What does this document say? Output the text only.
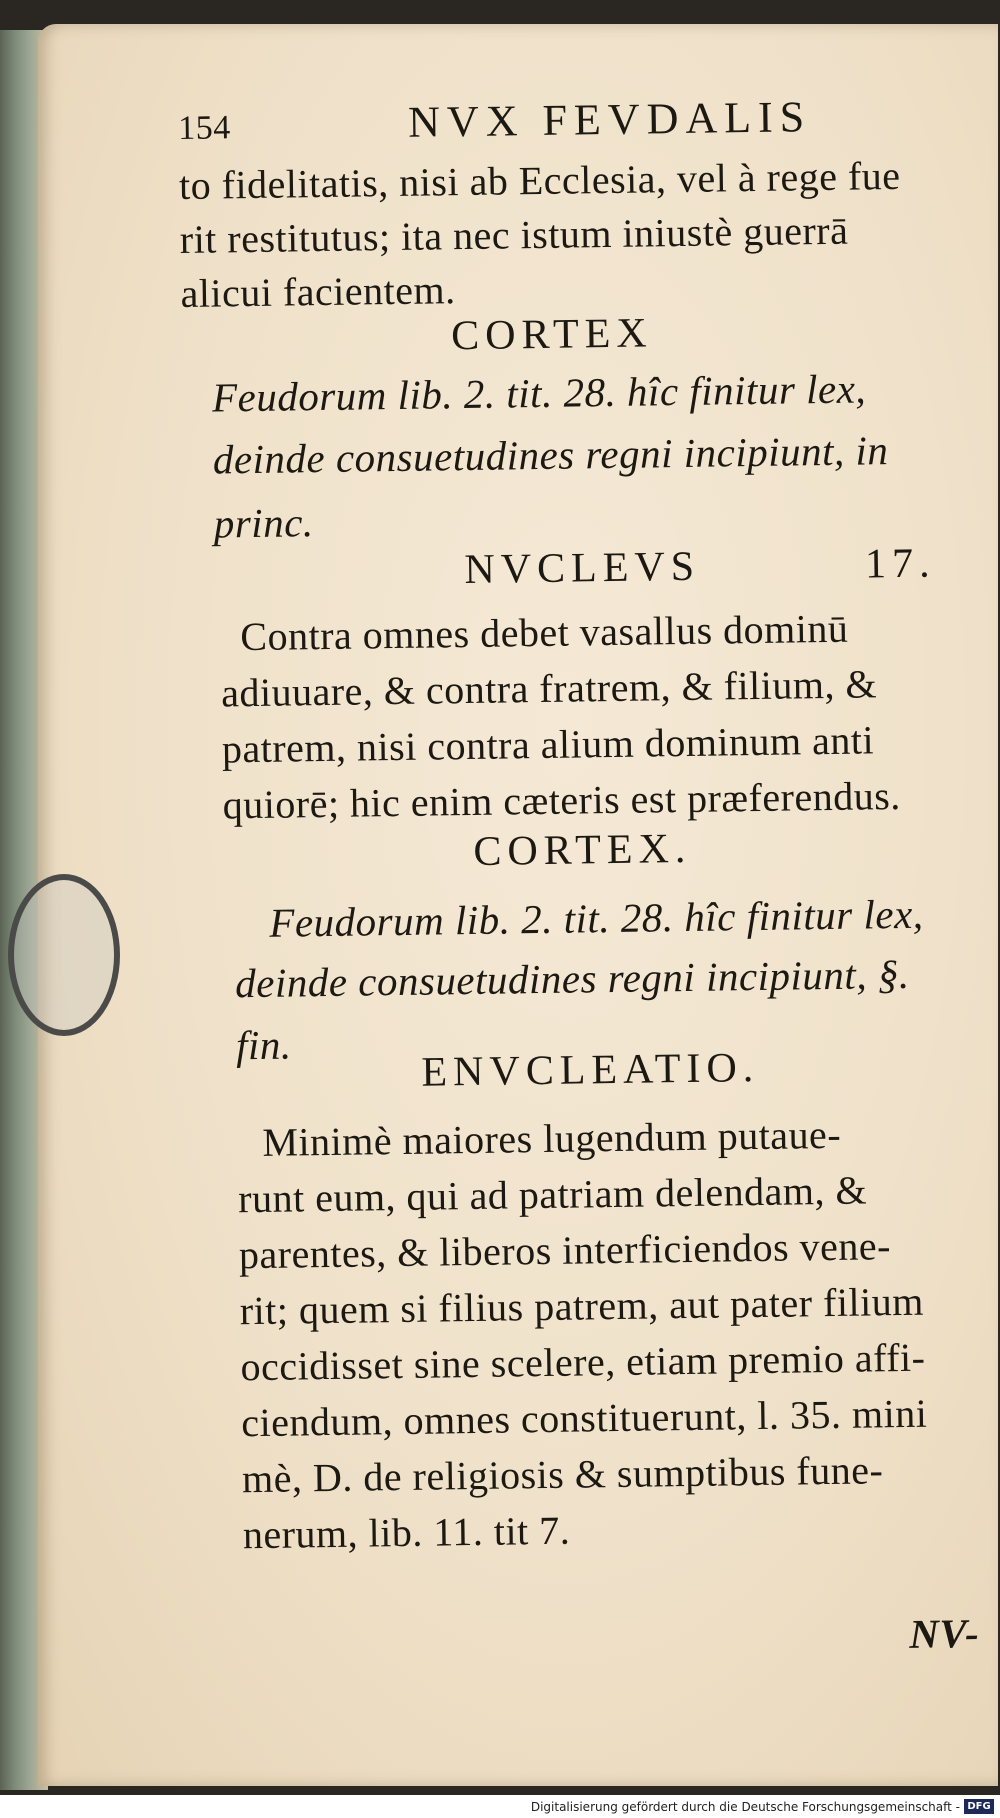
154	NVX FEVDALIS
to fidelitatis, nisi ab Ecclesia, vel à rege fue
rit restitutus; ita nec istum iniustè guerrā
alicui facientem.
CORTEX
Feudorum lib. 2. tit. 28. hîc finitur lex,
deinde consuetudines regni incipiunt, in
princ.
NVCLEVS          17.
Contra omnes debet vasallus dominū
adiuuare, & contra fratrem, & filium, &
patrem, nisi contra alium dominum anti
quiorē; hic enim cæteris est præferendus.
CORTEX.
Feudorum lib. 2. tit. 28. hîc finitur lex,
deinde consuetudines regni incipiunt, §.
fin.
ENVCLEATIO.
Minimè maiores lugendum putaue-
runt eum, qui ad patriam delendam, &
parentes, & liberos interficiendos vene-
rit; quem si filius patrem, aut pater filium
occidisset sine scelere, etiam premio affi-
ciendum, omnes constituerunt, l. 35. mini
mè, D. de religiosis & sumptibus fune-
nerum, lib. 11. tit 7.
NV-
Digitalisierung gefördert durch die Deutsche Forschungsgemeinschaft - DFG
